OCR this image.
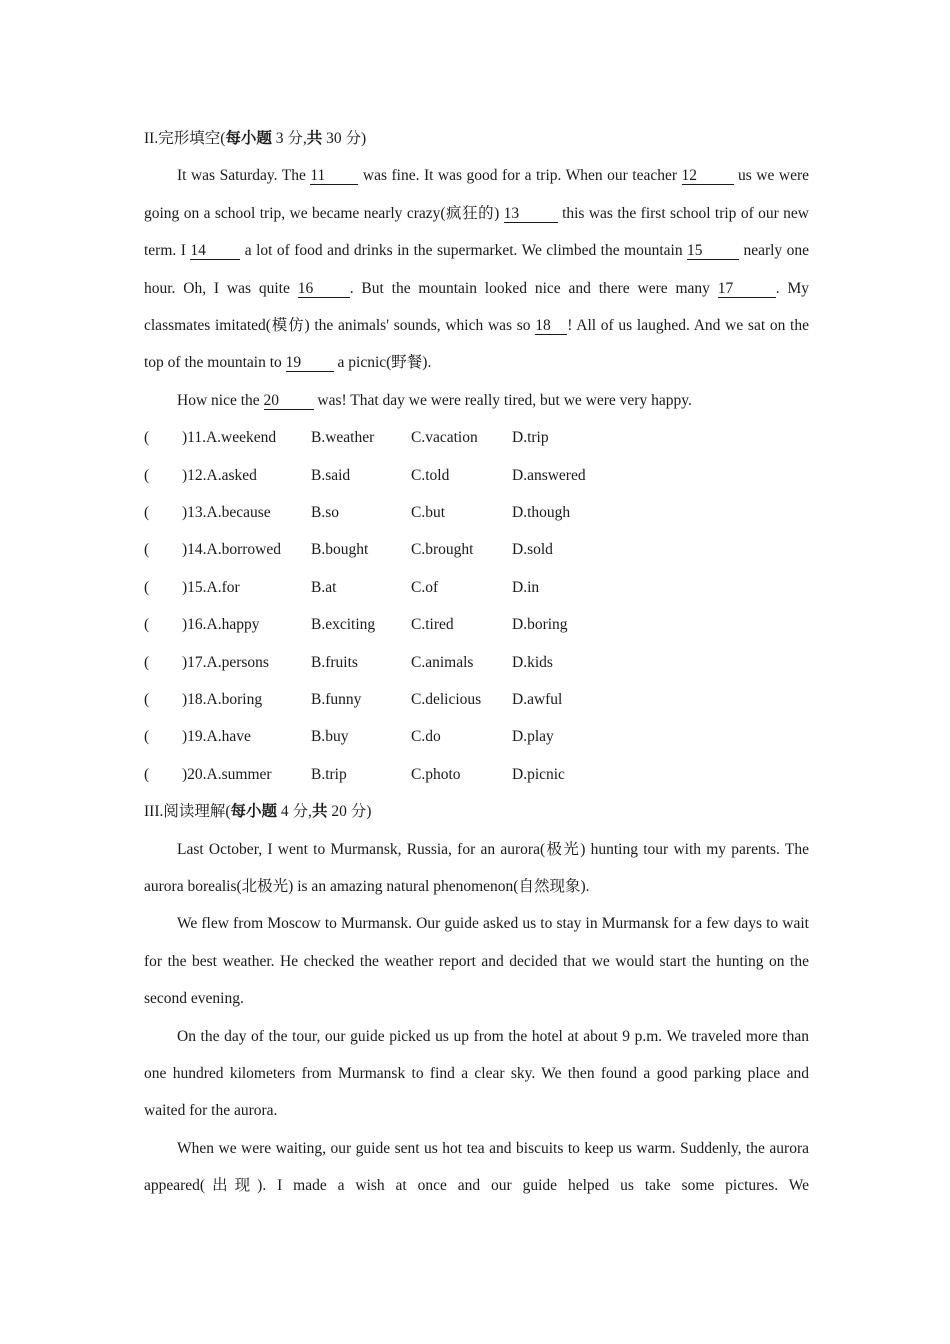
II.完形填空(每小题 3 分,共 30 分)

It was Saturday. The 11 was fine. It was good for a trip. When our teacher 12 us we were going on a school trip, we became nearly crazy(疯狂的) 13 this was the first school trip of our new term. I 14 a lot of food and drinks in the supermarket. We climbed the mountain 15 nearly one hour. Oh, I was quite 16 . But the mountain looked nice and there were many 17	. My classmates imitated(模仿) the animals' sounds, which was so 18 ! All of us laughed. And we sat on the top of the mountain to 19 a picnic(野餐).

How nice the 20 was! That day we were really tired, but we were very happy.

( )11.A.weekend B.weather C.vacation D.trip
( )12.A.asked	B.said	C.told	D.answered
( )13.A.because	B.so	C.but	D.though
( )14.A.borrowed B.bought	C.brought D.sold
( )15.A.for	B.at	C.of	D.in
( )16.A.happy	B.exciting C.tired	D.boring
( )17.A.persons	B.fruits	C.animals D.kids
( )18.A.boring	B.funny	C.delicious D.awful
( )19.A.have	B.buy	C.do	D.play
( )20.A.summer	B.trip	C.photo	D.picnic
III.阅读理解(每小题 4 分,共 20 分)

Last October, I went to Murmansk, Russia, for an aurora(极光) hunting tour with my parents. The aurora borealis(北极光) is an amazing natural phenomenon(自然现象).

We flew from Moscow to Murmansk. Our guide asked us to stay in Murmansk for a few days to wait for the best weather. He checked the weather report and decided that we would start the hunting on the second evening.

On the day of the tour, our guide picked us up from the hotel at about 9 p.m. We traveled more than one hundred kilometers from Murmansk to find a clear sky. We then found a good parking place and waited for the aurora.

When we were waiting, our guide sent us hot tea and biscuits to keep us warm. Suddenly, the aurora appeared(出现). I made a wish at once and our guide helped us take some pictures. We
